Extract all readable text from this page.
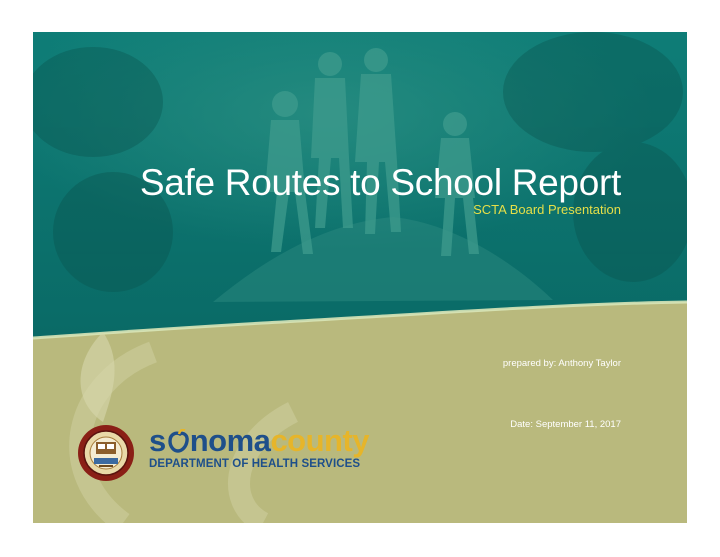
Safe Routes to School Report
SCTA Board Presentation
prepared by: Anthony Taylor
Date: September 11, 2017
s nomacounty
DEPARTMENT OF HEALTH SERVICES
